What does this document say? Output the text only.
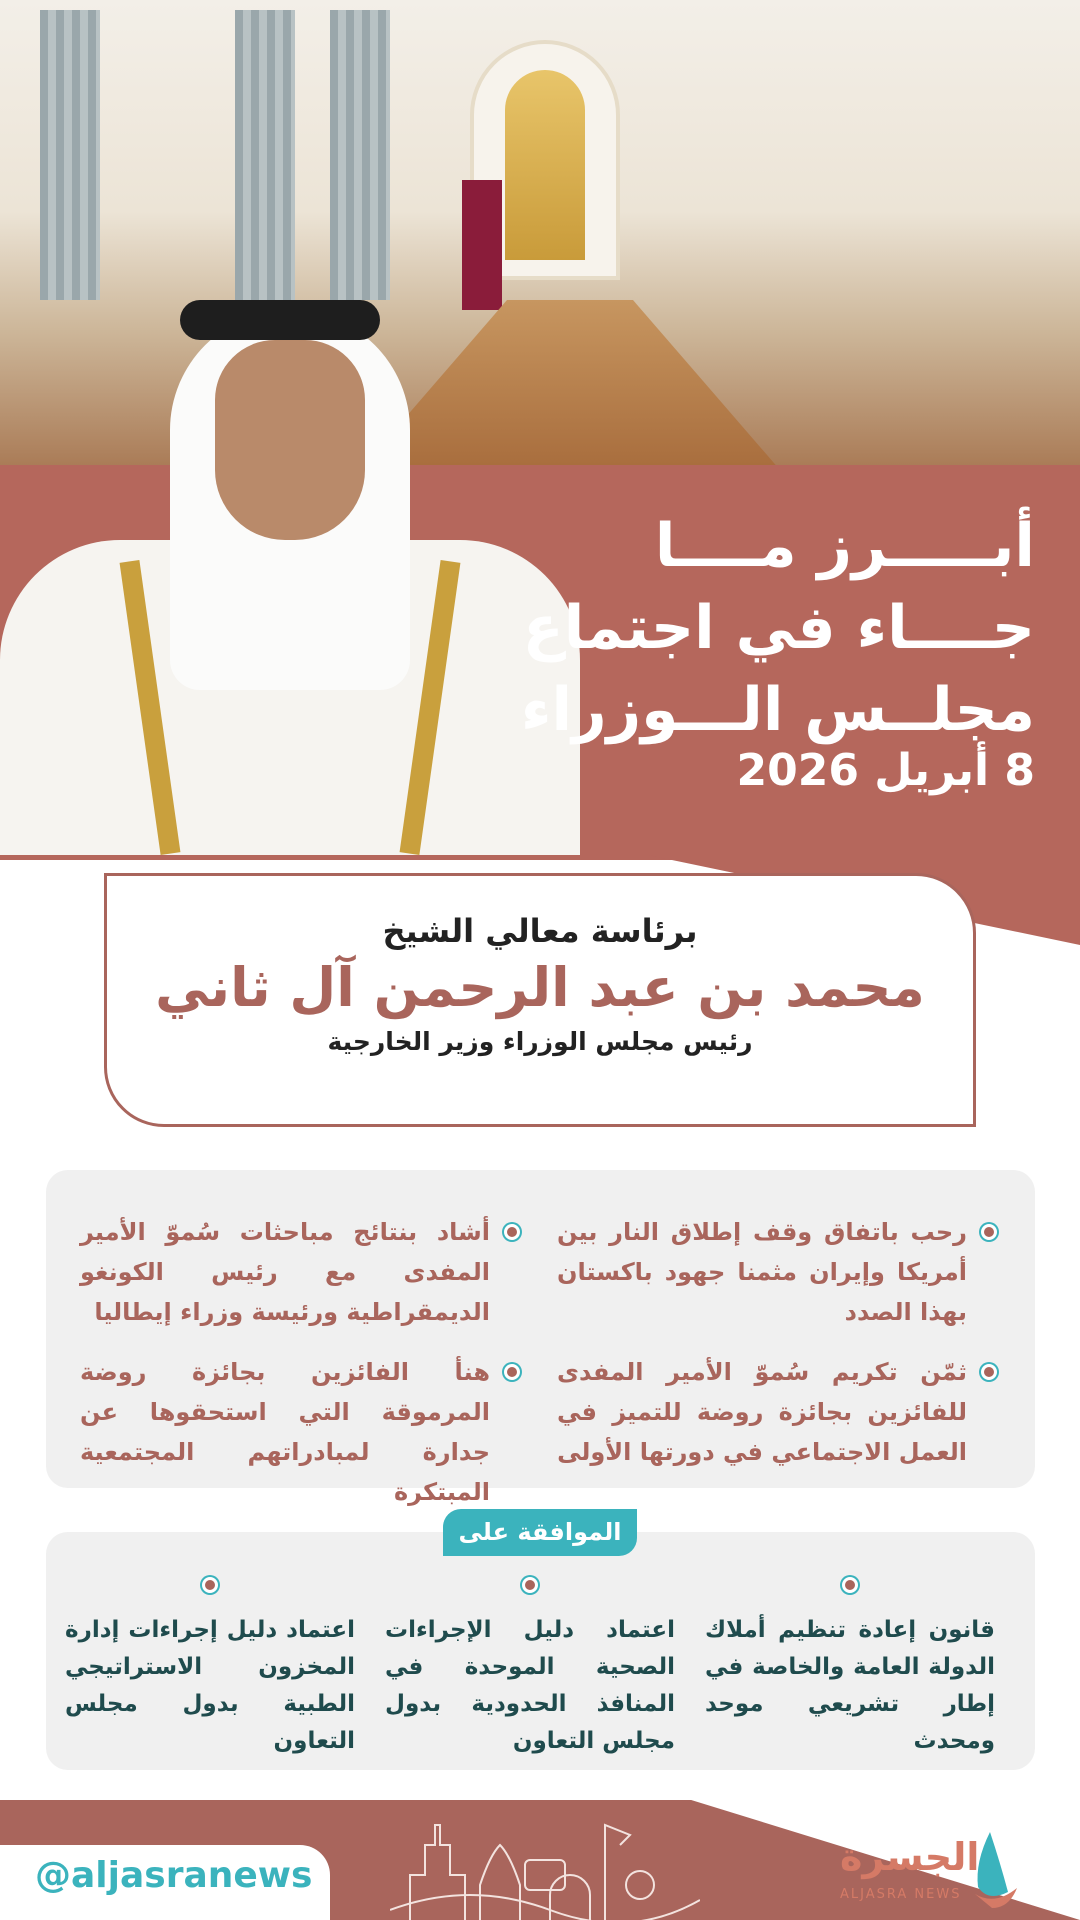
أبـــــرز مــــا
جــــاء في اجتماع
مجلــس الـــوزراء
8 أبريل 2026
برئاسة معالي الشيخ
محمد بن عبد الرحمن آل ثاني
رئيس مجلس الوزراء وزير الخارجية
رحب باتفاق وقف إطلاق النار بين أمريكا وإيران مثمنا جهود باكستان بهذا الصدد
أشاد بنتائج مباحثات سُموّ الأمير المفدى مع رئيس الكونغو الديمقراطية ورئيسة وزراء إيطاليا
ثمّن تكريم سُموّ الأمير المفدى للفائزين بجائزة روضة للتميز في العمل الاجتماعي في دورتها الأولى
هنأ الفائزين بجائزة روضة المرموقة التي استحقوها عن جدارة لمبادراتهم المجتمعية المبتكرة
قانون إعادة تنظيم أملاك الدولة العامة والخاصة في إطار تشريعي موحد ومحدث
اعتماد دليل الإجراءات الصحية الموحدة في المنافذ الحدودية بدول مجلس التعاون
اعتماد دليل إجراءات إدارة المخزون الاستراتيجي الطبية بدول مجلس التعاون
الموافقة على
@aljasranews	الجسرة
ALJASRA NEWS
